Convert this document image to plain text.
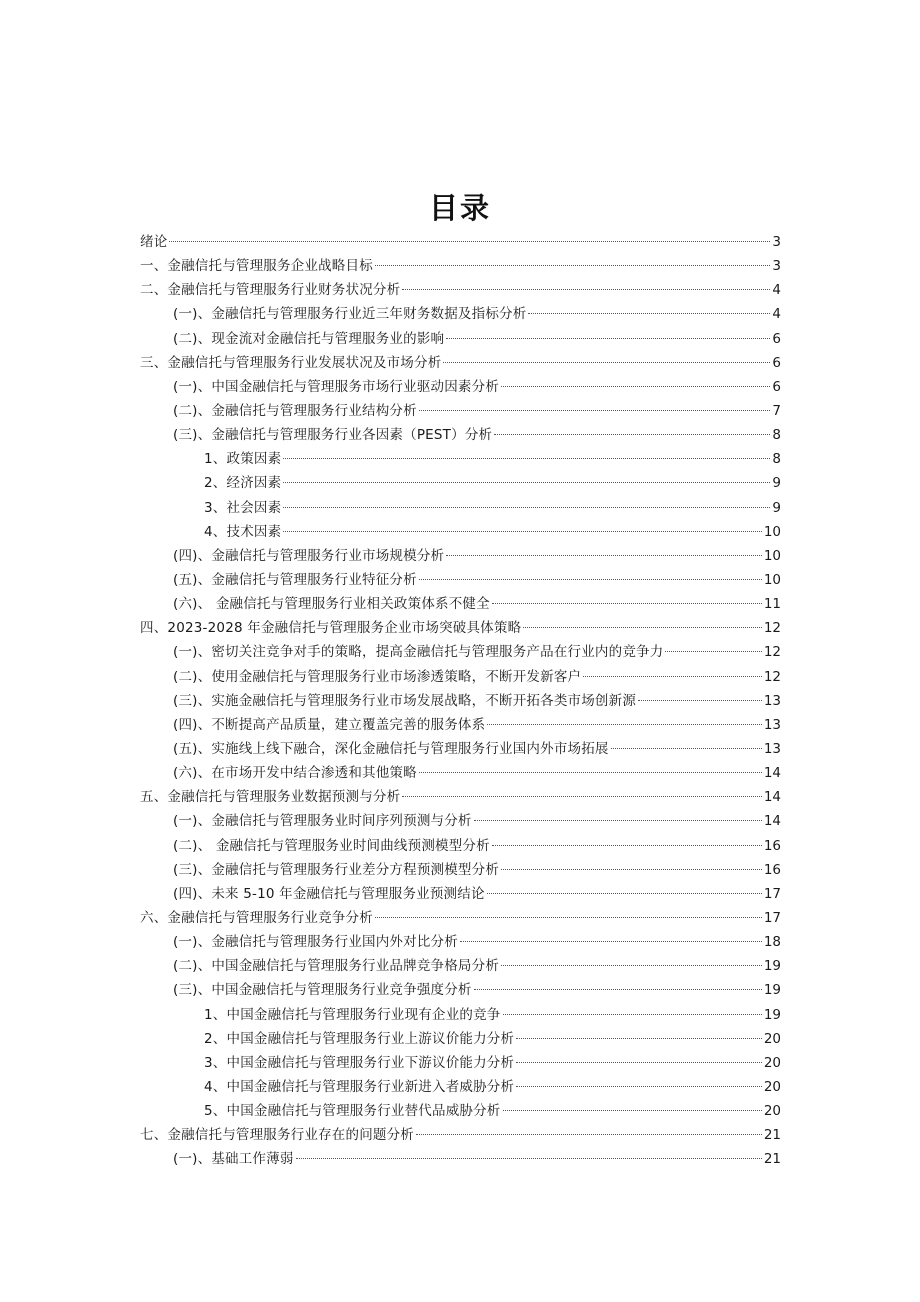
目录
绪论	3
一、金融信托与管理服务企业战略目标	3
二、金融信托与管理服务行业财务状况分析	4
(一)、金融信托与管理服务行业近三年财务数据及指标分析	4
(二)、现金流对金融信托与管理服务业的影响	6
三、金融信托与管理服务行业发展状况及市场分析	6
(一)、中国金融信托与管理服务市场行业驱动因素分析	6
(二)、金融信托与管理服务行业结构分析	7
(三)、金融信托与管理服务行业各因素（PEST）分析	8
1、政策因素	8
2、经济因素	9
3、社会因素	9
4、技术因素	10
(四)、金融信托与管理服务行业市场规模分析	10
(五)、金融信托与管理服务行业特征分析	10
(六)、 金融信托与管理服务行业相关政策体系不健全	11
四、2023-2028 年金融信托与管理服务企业市场突破具体策略	12
(一)、密切关注竞争对手的策略，提高金融信托与管理服务产品在行业内的竞争力	12
(二)、使用金融信托与管理服务行业市场渗透策略，不断开发新客户	12
(三)、实施金融信托与管理服务行业市场发展战略，不断开拓各类市场创新源	13
(四)、不断提高产品质量，建立覆盖完善的服务体系	13
(五)、实施线上线下融合，深化金融信托与管理服务行业国内外市场拓展	13
(六)、在市场开发中结合渗透和其他策略	14
五、金融信托与管理服务业数据预测与分析	14
(一)、金融信托与管理服务业时间序列预测与分析	14
(二)、 金融信托与管理服务业时间曲线预测模型分析	16
(三)、金融信托与管理服务行业差分方程预测模型分析	16
(四)、未来 5-10 年金融信托与管理服务业预测结论	17
六、金融信托与管理服务行业竞争分析	17
(一)、金融信托与管理服务行业国内外对比分析	18
(二)、中国金融信托与管理服务行业品牌竞争格局分析	19
(三)、中国金融信托与管理服务行业竞争强度分析	19
1、中国金融信托与管理服务行业现有企业的竞争	19
2、中国金融信托与管理服务行业上游议价能力分析	20
3、中国金融信托与管理服务行业下游议价能力分析	20
4、中国金融信托与管理服务行业新进入者威胁分析	20
5、中国金融信托与管理服务行业替代品威胁分析	20
七、金融信托与管理服务行业存在的问题分析	21
(一)、基础工作薄弱	21
